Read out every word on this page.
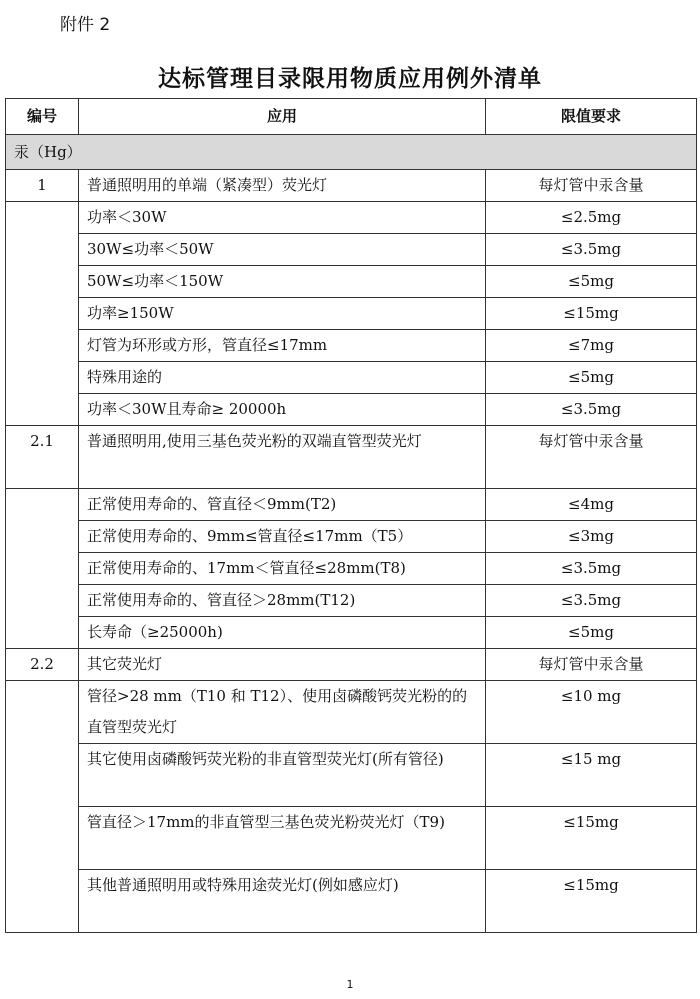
附件 2
达标管理目录限用物质应用例外清单
编号	应用	限值要求
汞（Hg）		
1	普通照明用的单端（紧凑型）荧光灯	每灯管中汞含量
	功率＜30W	≤2.5mg
	30W≤功率＜50W	≤3.5mg
	50W≤功率＜150W	≤5mg
	功率≥150W	≤15mg
	灯管为环形或方形，管直径≤17mm	≤7mg
	特殊用途的	≤5mg
	功率＜30W且寿命≥ 20000h	≤3.5mg
2.1	普通照明用,使用三基色荧光粉的双端直管型荧光灯	每灯管中汞含量
	正常使用寿命的、管直径＜9mm(T2)	≤4mg
	正常使用寿命的、9mm≤管直径≤17mm（T5）	≤3mg
	正常使用寿命的、17mm＜管直径≤28mm(T8)	≤3.5mg
	正常使用寿命的、管直径＞28mm(T12)	≤3.5mg
	长寿命（≥25000h)	≤5mg
2.2	其它荧光灯	每灯管中汞含量
	管径>28 mm（T10 和 T12）、使用卤磷酸钙荧光粉的的直管型荧光灯	≤10 mg
	其它使用卤磷酸钙荧光粉的非直管型荧光灯(所有管径)	≤15 mg
	管直径＞17mm的非直管型三基色荧光粉荧光灯（T9)	≤15mg
	其他普通照明用或特殊用途荧光灯(例如感应灯)	≤15mg
1
